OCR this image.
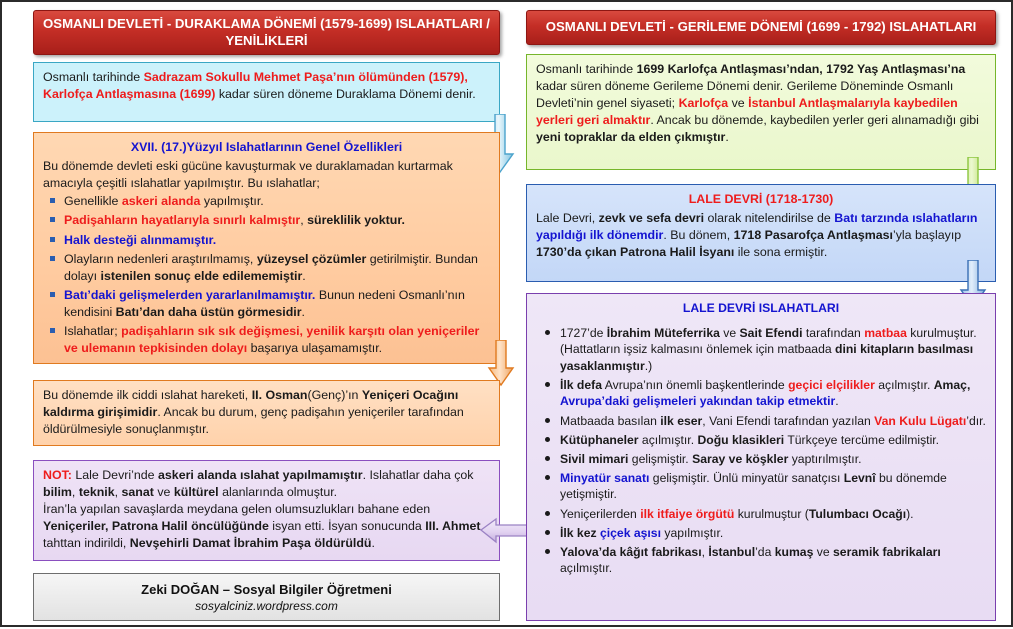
OSMANLI DEVLETİ - DURAKLAMA DÖNEMİ (1579-1699) ISLAHATLARI / YENİLİKLERİ

Osmanlı tarihinde Sadrazam Sokullu Mehmet Paşa’nın ölümünden (1579), Karlofça Antlaşmasına (1699) kadar süren döneme Duraklama Dönemi denir.

XVII. (17.)Yüzyıl Islahatlarının Genel Özellikleri

Bu dönemde devleti eski gücüne kavuşturmak ve duraklamadan kurtarmak amacıyla çeşitli ıslahatlar yapılmıştır. Bu ıslahatlar;

Genellikle askeri alanda yapılmıştır.
Padişahların hayatlarıyla sınırlı kalmıştır, süreklilik yoktur.
Halk desteği alınmamıştır.
Olayların nedenleri araştırılmamış, yüzeysel çözümler getirilmiştir. Bundan dolayı istenilen sonuç elde edilememiştir.
Batı’daki gelişmelerden yararlanılmamıştır. Bunun nedeni Osmanlı’nın kendisini Batı’dan daha üstün görmesidir.
Islahatlar; padişahların sık sık değişmesi, yenilik karşıtı olan yeniçeriler ve ulemanın tepkisinden dolayı başarıya ulaşamamıştır.

Bu dönemde ilk ciddi ıslahat hareketi, II. Osman(Genç)’ın Yeniçeri Ocağını kaldırma girişimidir. Ancak bu durum, genç padişahın yeniçeriler tarafından öldürülmesiyle sonuçlanmıştır.

NOT: Lale Devri’nde askeri alanda ıslahat yapılmamıştır. Islahatlar daha çok bilim, teknik, sanat ve kültürel alanlarında olmuştur.

İran’la yapılan savaşlarda meydana gelen olumsuzlukları bahane eden Yeniçeriler, Patrona Halil öncülüğünde isyan etti. İsyan sonucunda III. Ahmet tahttan indirildi, Nevşehirli Damat İbrahim Paşa öldürüldü.

Zeki DOĞAN – Sosyal Bilgiler Öğretmeni
sosyalciniz.wordpress.com
OSMANLI DEVLETİ - GERİLEME DÖNEMİ (1699 - 1792) ISLAHATLARI

Osmanlı tarihinde 1699 Karlofça Antlaşması’ndan, 1792 Yaş Antlaşması’na kadar süren döneme Gerileme Dönemi denir. Gerileme Döneminde Osmanlı Devleti’nin genel siyaseti; Karlofça ve İstanbul Antlaşmalarıyla kaybedilen yerleri geri almaktır. Ancak bu dönemde, kaybedilen yerler geri alınamadığı gibi yeni topraklar da elden çıkmıştır.

LALE DEVRİ (1718-1730)

Lale Devri, zevk ve sefa devri olarak nitelendirilse de Batı tarzında ıslahatların yapıldığı ilk dönemdir. Bu dönem, 1718 Pasarofça Antlaşması’yla başlayıp 1730’da çıkan Patrona Halil İsyanı ile sona ermiştir.

LALE DEVRİ ISLAHATLARI
1727’de İbrahim Müteferrika ve Sait Efendi tarafından matbaa kurulmuştur. (Hattatların işsiz kalmasını önlemek için matbaada dini kitapların basılması yasaklanmıştır.)
İlk defa Avrupa’nın önemli başkentlerinde geçici elçilikler açılmıştır. Amaç, Avrupa’daki gelişmeleri yakından takip etmektir.
Matbaada basılan ilk eser, Vani Efendi tarafından yazılan Van Kulu Lügatı’dır.
Kütüphaneler açılmıştır. Doğu klasikleri Türkçeye tercüme edilmiştir.
Sivil mimari gelişmiştir. Saray ve köşkler yaptırılmıştır.
Minyatür sanatı gelişmiştir. Ünlü minyatür sanatçısı Levnî bu dönemde yetişmiştir.
Yeniçerilerden ilk itfaiye örgütü kurulmuştur (Tulumbacı Ocağı).
İlk kez çiçek aşısı yapılmıştır.
Yalova’da kâğıt fabrikası, İstanbul’da kumaş ve seramik fabrikaları açılmıştır.
